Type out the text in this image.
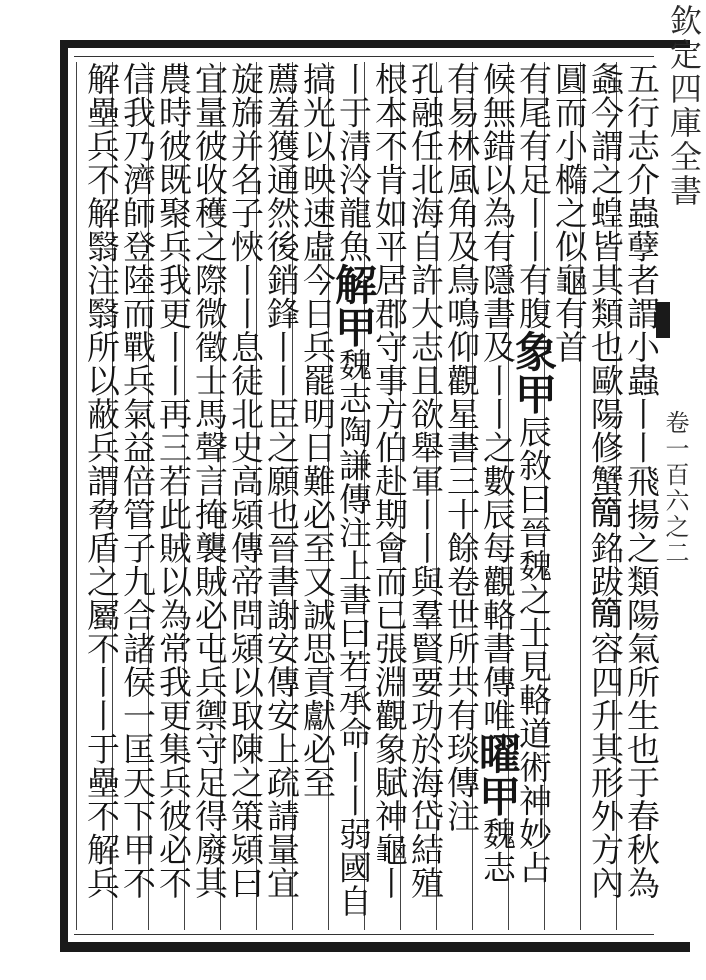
欽定四庫全書
卷一百六之二
五行志介蟲孽者謂小蟲丨丨飛揚之類陽氣所生也于春秋為
螽今謂之蝗皆其類也歐陽修蟹𥳑銘跋𥳑容四升其形外方內
圓而小橢之似龜有首
有尾有足丨丨有腹象甲辰敘曰晉魏之士見輅道術神妙占
候無錯以為有隱書及丨丨之數辰每觀輅書傳唯曜甲魏志
有易林風角及鳥鳴仰觀星書三十餘卷世所共有琰傳注
孔融任北海自許大志且欲舉軍丨丨與羣賢要功於海岱結殖
根本不肯如平居郡守事方伯赴期會而已張淵觀象賦神龜丨
丨于清泠龍魚解甲魏志陶謙傳注上書曰若承命丨丨弱國自
搞光以映速虛今日兵罷明日難必至又誠思貢獻必至
薦羞獲通然後銷鋒丨丨臣之願也晉書謝安傳安上疏請量宜
旋旆并名子悏丨丨息徒北史高熲傳帝問熲以取陳之策熲曰
宜量彼收穫之際微徵士馬聲言掩襲賊必屯兵禦守足得廢其
農時彼既聚兵我更丨丨再三若此賊以為常我更集兵彼必不
信我乃濟師登陸而戰兵氣益倍管子九合諸侯一匡天下甲不
解壘兵不解翳注翳所以蔽兵謂脅盾之屬不丨丨于壘不解兵
